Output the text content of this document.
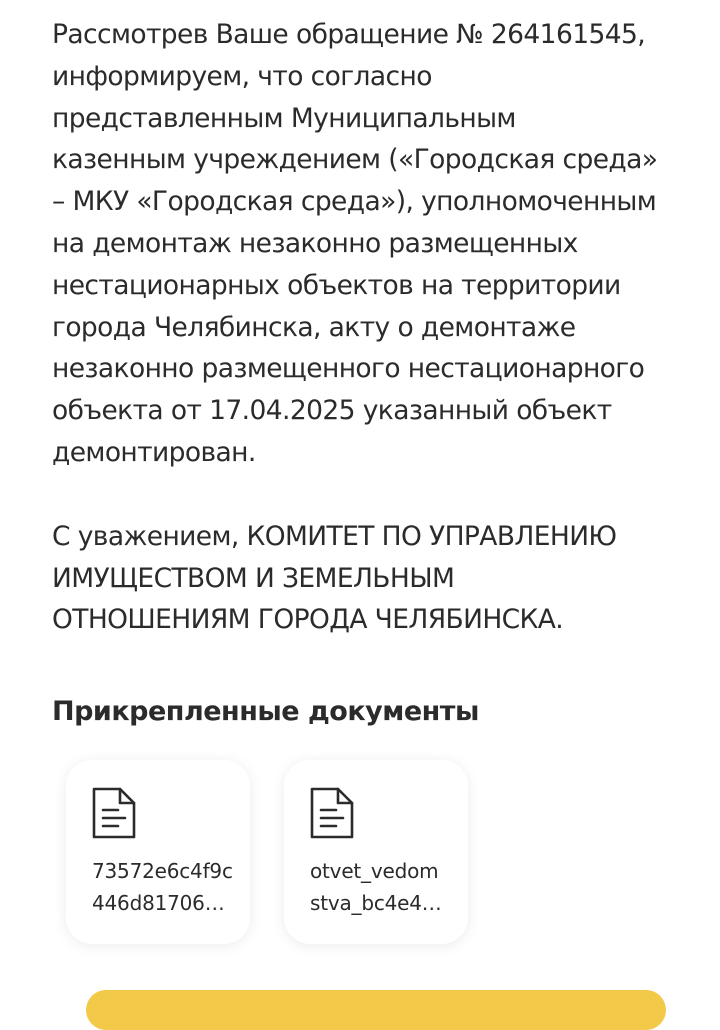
Рассмотрев Ваше обращение № 264161545,
информируем, что согласно
представленным Муниципальным
казенным учреждением («Городская среда»
– МКУ «Городская среда»), уполномоченным
на демонтаж незаконно размещенных
нестационарных объектов на территории
города Челябинска, акту о демонтаже
незаконно размещенного нестационарного
объекта от 17.04.2025 указанный объект
демонтирован.

С уважением, КОМИТЕТ ПО УПРАВЛЕНИЮ
ИМУЩЕСТВОМ И ЗЕМЕЛЬНЫМ
ОТНОШЕНИЯМ ГОРОДА ЧЕЛЯБИНСКА.

Прикрепленные документы
73572e6c4f9c
446d81706…
otvet_vedom
stva_bc4e4…
